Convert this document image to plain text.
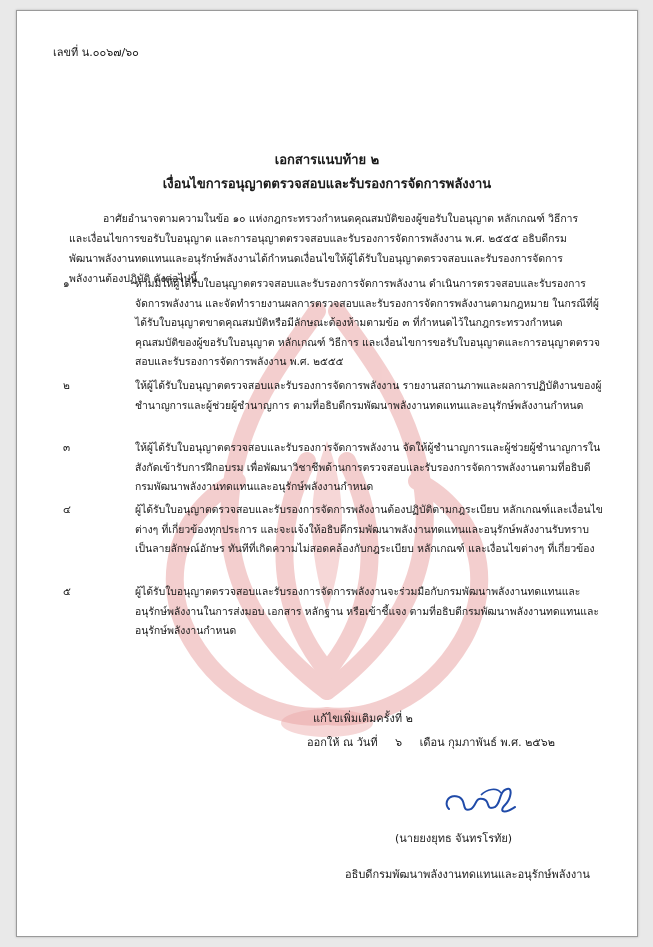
เลขที่ น.๐๐๖๗/๖๐
เอกสารแนบท้าย ๒
เงื่อนไขการอนุญาตตรวจสอบและรับรองการจัดการพลังงาน
อาศัยอำนาจตามความในข้อ ๑๐ แห่งกฎกระทรวงกำหนดคุณสมบัติของผู้ขอรับใบอนุญาต หลักเกณฑ์ วิธีการ และเงื่อนไขการขอรับใบอนุญาต และการอนุญาตตรวจสอบและรับรองการจัดการพลังงาน พ.ศ. ๒๕๕๕ อธิบดีกรมพัฒนาพลังงานทดแทนและอนุรักษ์พลังงานได้กำหนดเงื่อนไขให้ผู้ได้รับใบอนุญาตตรวจสอบและรับรองการจัดการพลังงานต้องปฏิบัติ ดังต่อไปนี้
๑	ห้ามมิให้ผู้ได้รับใบอนุญาตตรวจสอบและรับรองการจัดการพลังงาน ดำเนินการตรวจสอบและรับรองการจัดการพลังงาน และจัดทำรายงานผลการตรวจสอบและรับรองการจัดการพลังงานตามกฎหมาย ในกรณีที่ผู้ได้รับใบอนุญาตขาดคุณสมบัติหรือมีลักษณะต้องห้ามตามข้อ ๓ ที่กำหนดไว้ในกฎกระทรวงกำหนดคุณสมบัติของผู้ขอรับใบอนุญาต หลักเกณฑ์ วิธีการ และเงื่อนไขการขอรับใบอนุญาตและการอนุญาตตรวจสอบและรับรองการจัดการพลังงาน พ.ศ. ๒๕๕๕
๒	ให้ผู้ได้รับใบอนุญาตตรวจสอบและรับรองการจัดการพลังงาน รายงานสถานภาพและผลการปฏิบัติงานของผู้ชำนาญการและผู้ช่วยผู้ชำนาญการ ตามที่อธิบดีกรมพัฒนาพลังงานทดแทนและอนุรักษ์พลังงานกำหนด
๓	ให้ผู้ได้รับใบอนุญาตตรวจสอบและรับรองการจัดการพลังงาน จัดให้ผู้ชำนาญการและผู้ช่วยผู้ชำนาญการในสังกัดเข้ารับการฝึกอบรม เพื่อพัฒนาวิชาชีพด้านการตรวจสอบและรับรองการจัดการพลังงานตามที่อธิบดีกรมพัฒนาพลังงานทดแทนและอนุรักษ์พลังงานกำหนด
๔	ผู้ได้รับใบอนุญาตตรวจสอบและรับรองการจัดการพลังงานต้องปฏิบัติตามกฎระเบียบ หลักเกณฑ์และเงื่อนไขต่างๆ ที่เกี่ยวข้องทุกประการ และจะแจ้งให้อธิบดีกรมพัฒนาพลังงานทดแทนและอนุรักษ์พลังงานรับทราบเป็นลายลักษณ์อักษร ทันทีที่เกิดความไม่สอดคล้องกับกฎระเบียบ หลักเกณฑ์ และเงื่อนไขต่างๆ ที่เกี่ยวข้อง
๕	ผู้ได้รับใบอนุญาตตรวจสอบและรับรองการจัดการพลังงานจะร่วมมือกับกรมพัฒนาพลังงานทดแทนและอนุรักษ์พลังงานในการส่งมอบ เอกสาร หลักฐาน หรือเข้าชี้แจง ตามที่อธิบดีกรมพัฒนาพลังงานทดแทนและอนุรักษ์พลังงานกำหนด
แก้ไขเพิ่มเติมครั้งที่ ๒
ออกให้ ณ วันที่     ๖     เดือน กุมภาพันธ์ พ.ศ. ๒๕๖๒
(นายยงยุทธ จันทรโรทัย)
อธิบดีกรมพัฒนาพลังงานทดแทนและอนุรักษ์พลังงาน
